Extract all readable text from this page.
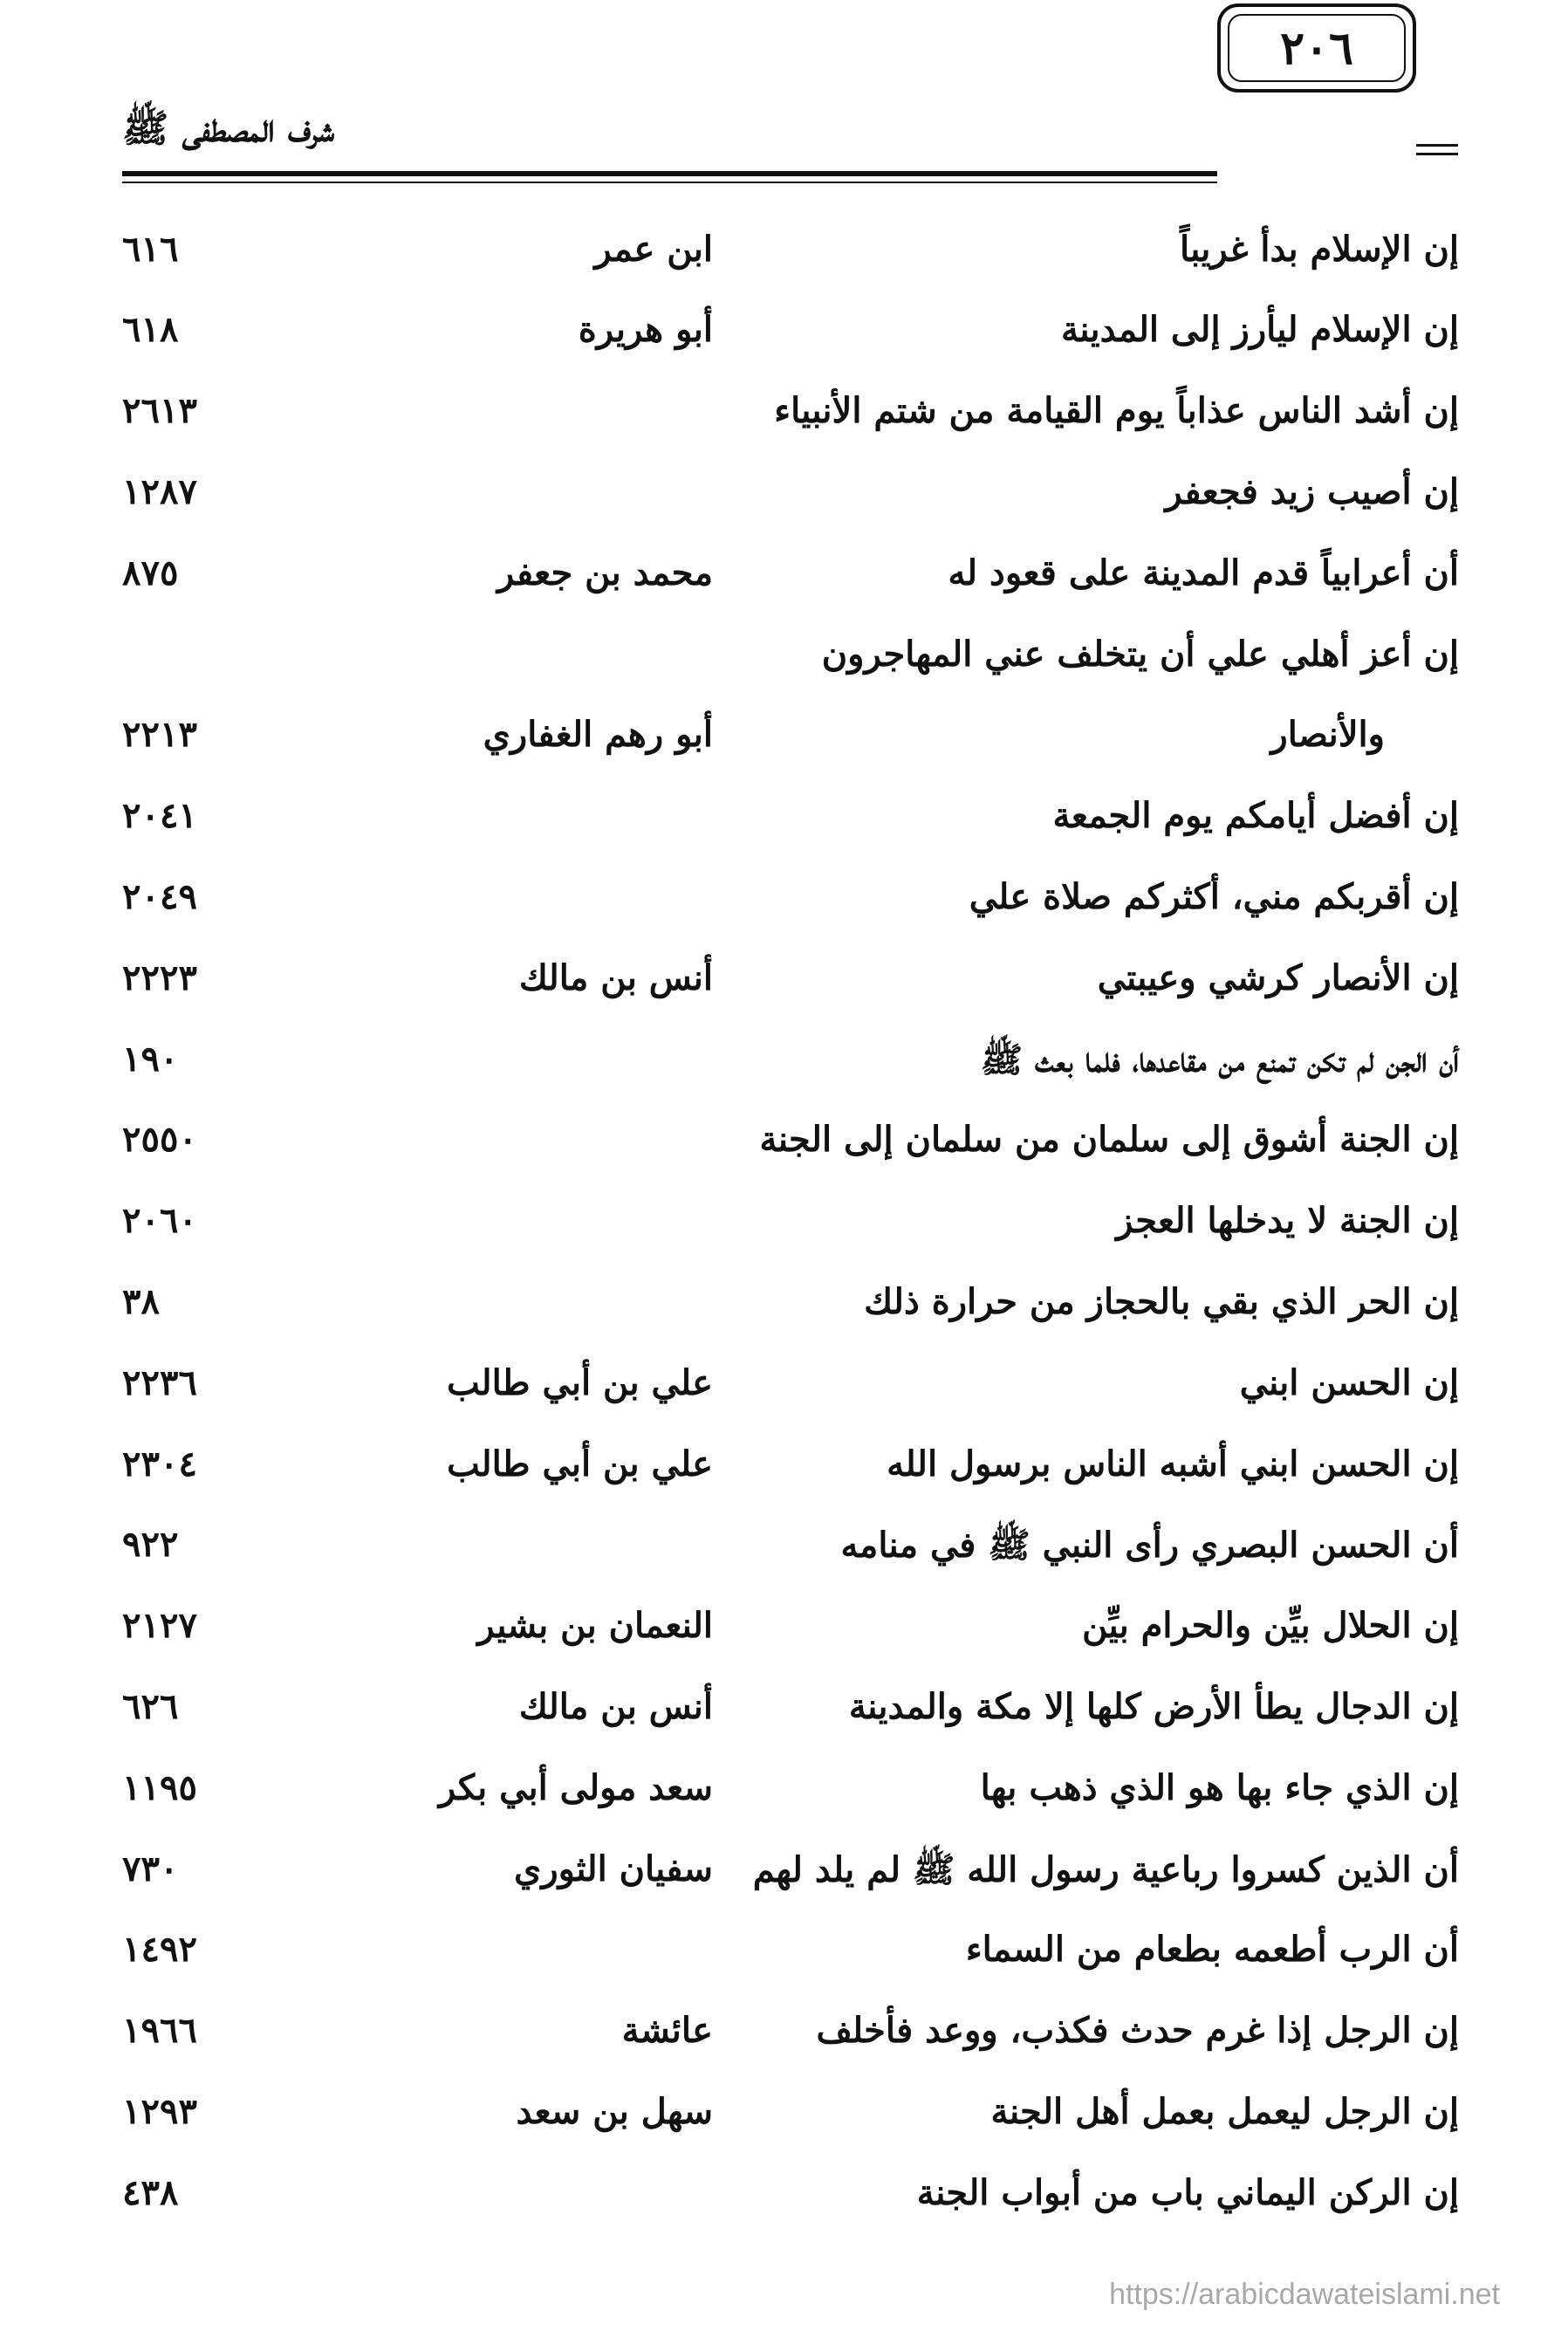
شرف المصطفى ﷺ
٢٠٦
إن الإسلام بدأ غريباً
ابن عمر
٦١٦
إن الإسلام ليأرز إلى المدينة
أبو هريرة
٦١٨
إن أشد الناس عذاباً يوم القيامة من شتم الأنبياء
٢٦١٣
إن أصيب زيد فجعفر
١٢٨٧
أن أعرابياً قدم المدينة على قعود له
محمد بن جعفر
٨٧٥
إن أعز أهلي علي أن يتخلف عني المهاجرون
والأنصار
أبو رهم الغفاري
٢٢١٣
إن أفضل أيامكم يوم الجمعة
٢٠٤١
إن أقربكم مني، أكثركم صلاة علي
٢٠٤٩
إن الأنصار كرشي وعيبتي
أنس بن مالك
٢٢٢٣
أن الجن لم تكن تمنع من مقاعدها، فلما بعث ﷺ
١٩٠
إن الجنة أشوق إلى سلمان من سلمان إلى الجنة
٢٥٥٠
إن الجنة لا يدخلها العجز
٢٠٦٠
إن الحر الذي بقي بالحجاز من حرارة ذلك
٣٨
إن الحسن ابني
علي بن أبي طالب
٢٢٣٦
إن الحسن ابني أشبه الناس برسول الله
علي بن أبي طالب
٢٣٠٤
أن الحسن البصري رأى النبي ﷺ في منامه
٩٢٢
إن الحلال بيِّن والحرام بيِّن
النعمان بن بشير
٢١٢٧
إن الدجال يطأ الأرض كلها إلا مكة والمدينة
أنس بن مالك
٦٢٦
إن الذي جاء بها هو الذي ذهب بها
سعد مولى أبي بكر
١١٩٥
أن الذين كسروا رباعية رسول الله ﷺ لم يلد لهم
سفيان الثوري
٧٣٠
أن الرب أطعمه بطعام من السماء
١٤٩٢
إن الرجل إذا غرم حدث فكذب، ووعد فأخلف
عائشة
١٩٦٦
إن الرجل ليعمل بعمل أهل الجنة
سهل بن سعد
١٢٩٣
إن الركن اليماني باب من أبواب الجنة
٤٣٨
https://arabicdawateislami.net
